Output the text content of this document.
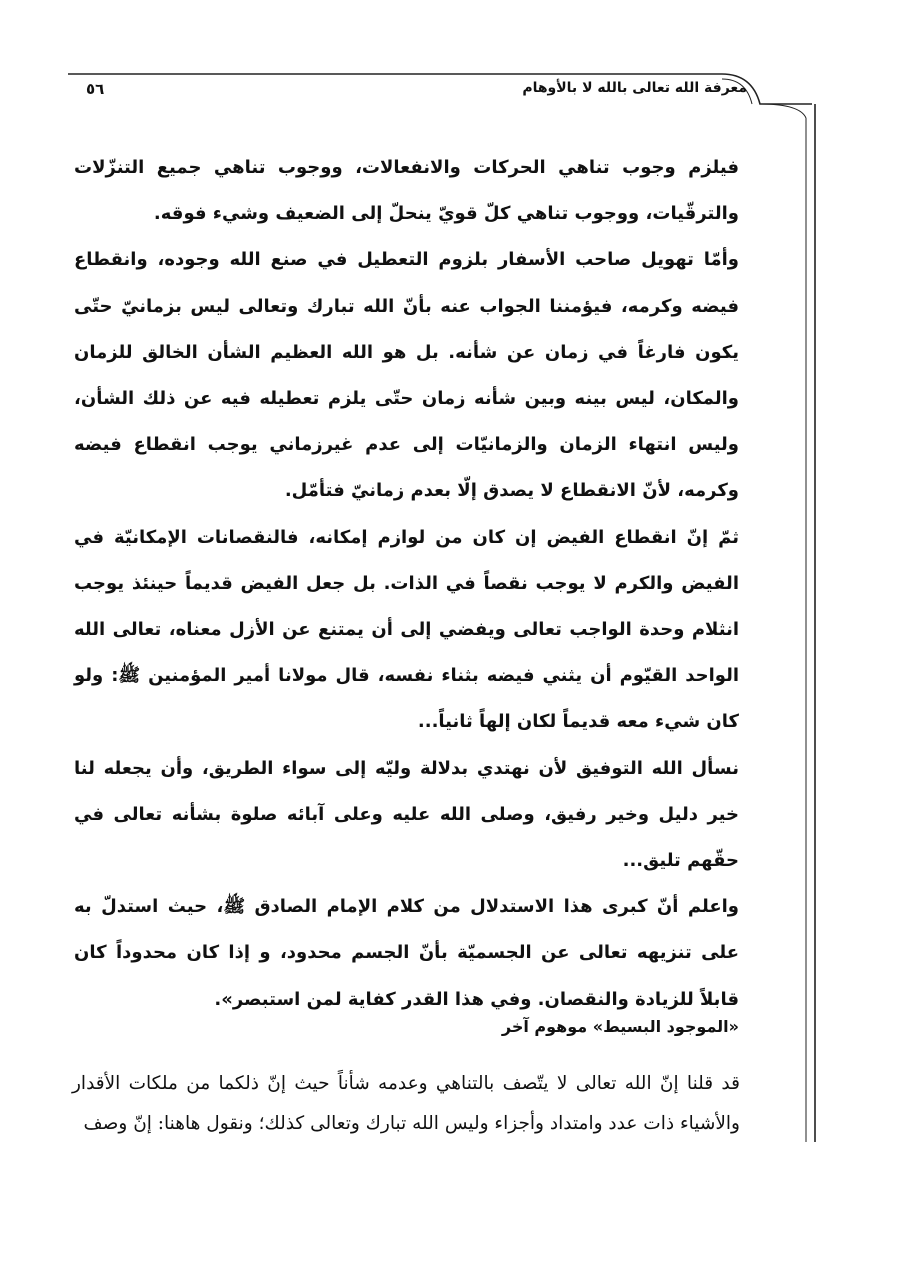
معرفة الله تعالى بالله لا بالأوهام
٥٦

فيلزم وجوب تناهي الحركات والانفعالات، ووجوب تناهي جميع التنزّلات والترقّيات، ووجوب تناهي كلّ قويّ ينحلّ إلى الضعيف وشيء فوقه.

وأمّا تهويل صاحب الأسفار بلزوم التعطيل في صنع الله وجوده، وانقطاع فيضه وكرمه، فيؤمننا الجواب عنه بأنّ الله تبارك وتعالى ليس بزمانيّ حتّى يكون فارغاً في زمان عن شأنه. بل هو الله العظيم الشأن الخالق للزمان والمكان، ليس بينه وبين شأنه زمان حتّى يلزم تعطيله فيه عن ذلك الشأن، وليس انتهاء الزمان والزمانيّات إلى عدم غيرزماني يوجب انقطاع فيضه وكرمه، لأنّ الانقطاع لا يصدق إلّا بعدم زمانيّ فتأمّل.

ثمّ إنّ انقطاع الفيض إن كان من لوازم إمكانه، فالنقصانات الإمكانيّة في الفيض والكرم لا يوجب نقصاً في الذات. بل جعل الفيض قديماً حينئذ يوجب انثلام وحدة الواجب تعالى ويفضي إلى أن يمتنع عن الأزل معناه، تعالى الله الواحد القيّوم أن يثني فيضه بثناء نفسه، قال مولانا أمير المؤمنين ﷺ: ولو كان شيء معه قديماً لكان إلهاً ثانياً...

نسأل الله التوفيق لأن نهتدي بدلالة وليّه إلى سواء الطريق، وأن يجعله لنا خير دليل وخير رفيق، وصلى الله عليه وعلى آبائه صلوة بشأنه تعالى في حقّهم تليق...

واعلم أنّ كبرى هذا الاستدلال من كلام الإمام الصادق ﷺ، حيث استدلّ به على تنزيهه تعالى عن الجسميّة بأنّ الجسم محدود، و إذا كان محدوداً كان قابلاً للزيادة والنقصان. وفي هذا القدر كفاية لمن استبصر».

«الموجود البسيط» موهوم آخر

قد قلنا إنّ الله تعالى لا يتّصف بالتناهي وعدمه شأناً حيث إنّ ذلكما من ملكات الأقدار والأشياء ذات عدد وامتداد وأجزاء وليس الله تبارك وتعالى كذلك؛ ونقول هاهنا: إنّ وصف
